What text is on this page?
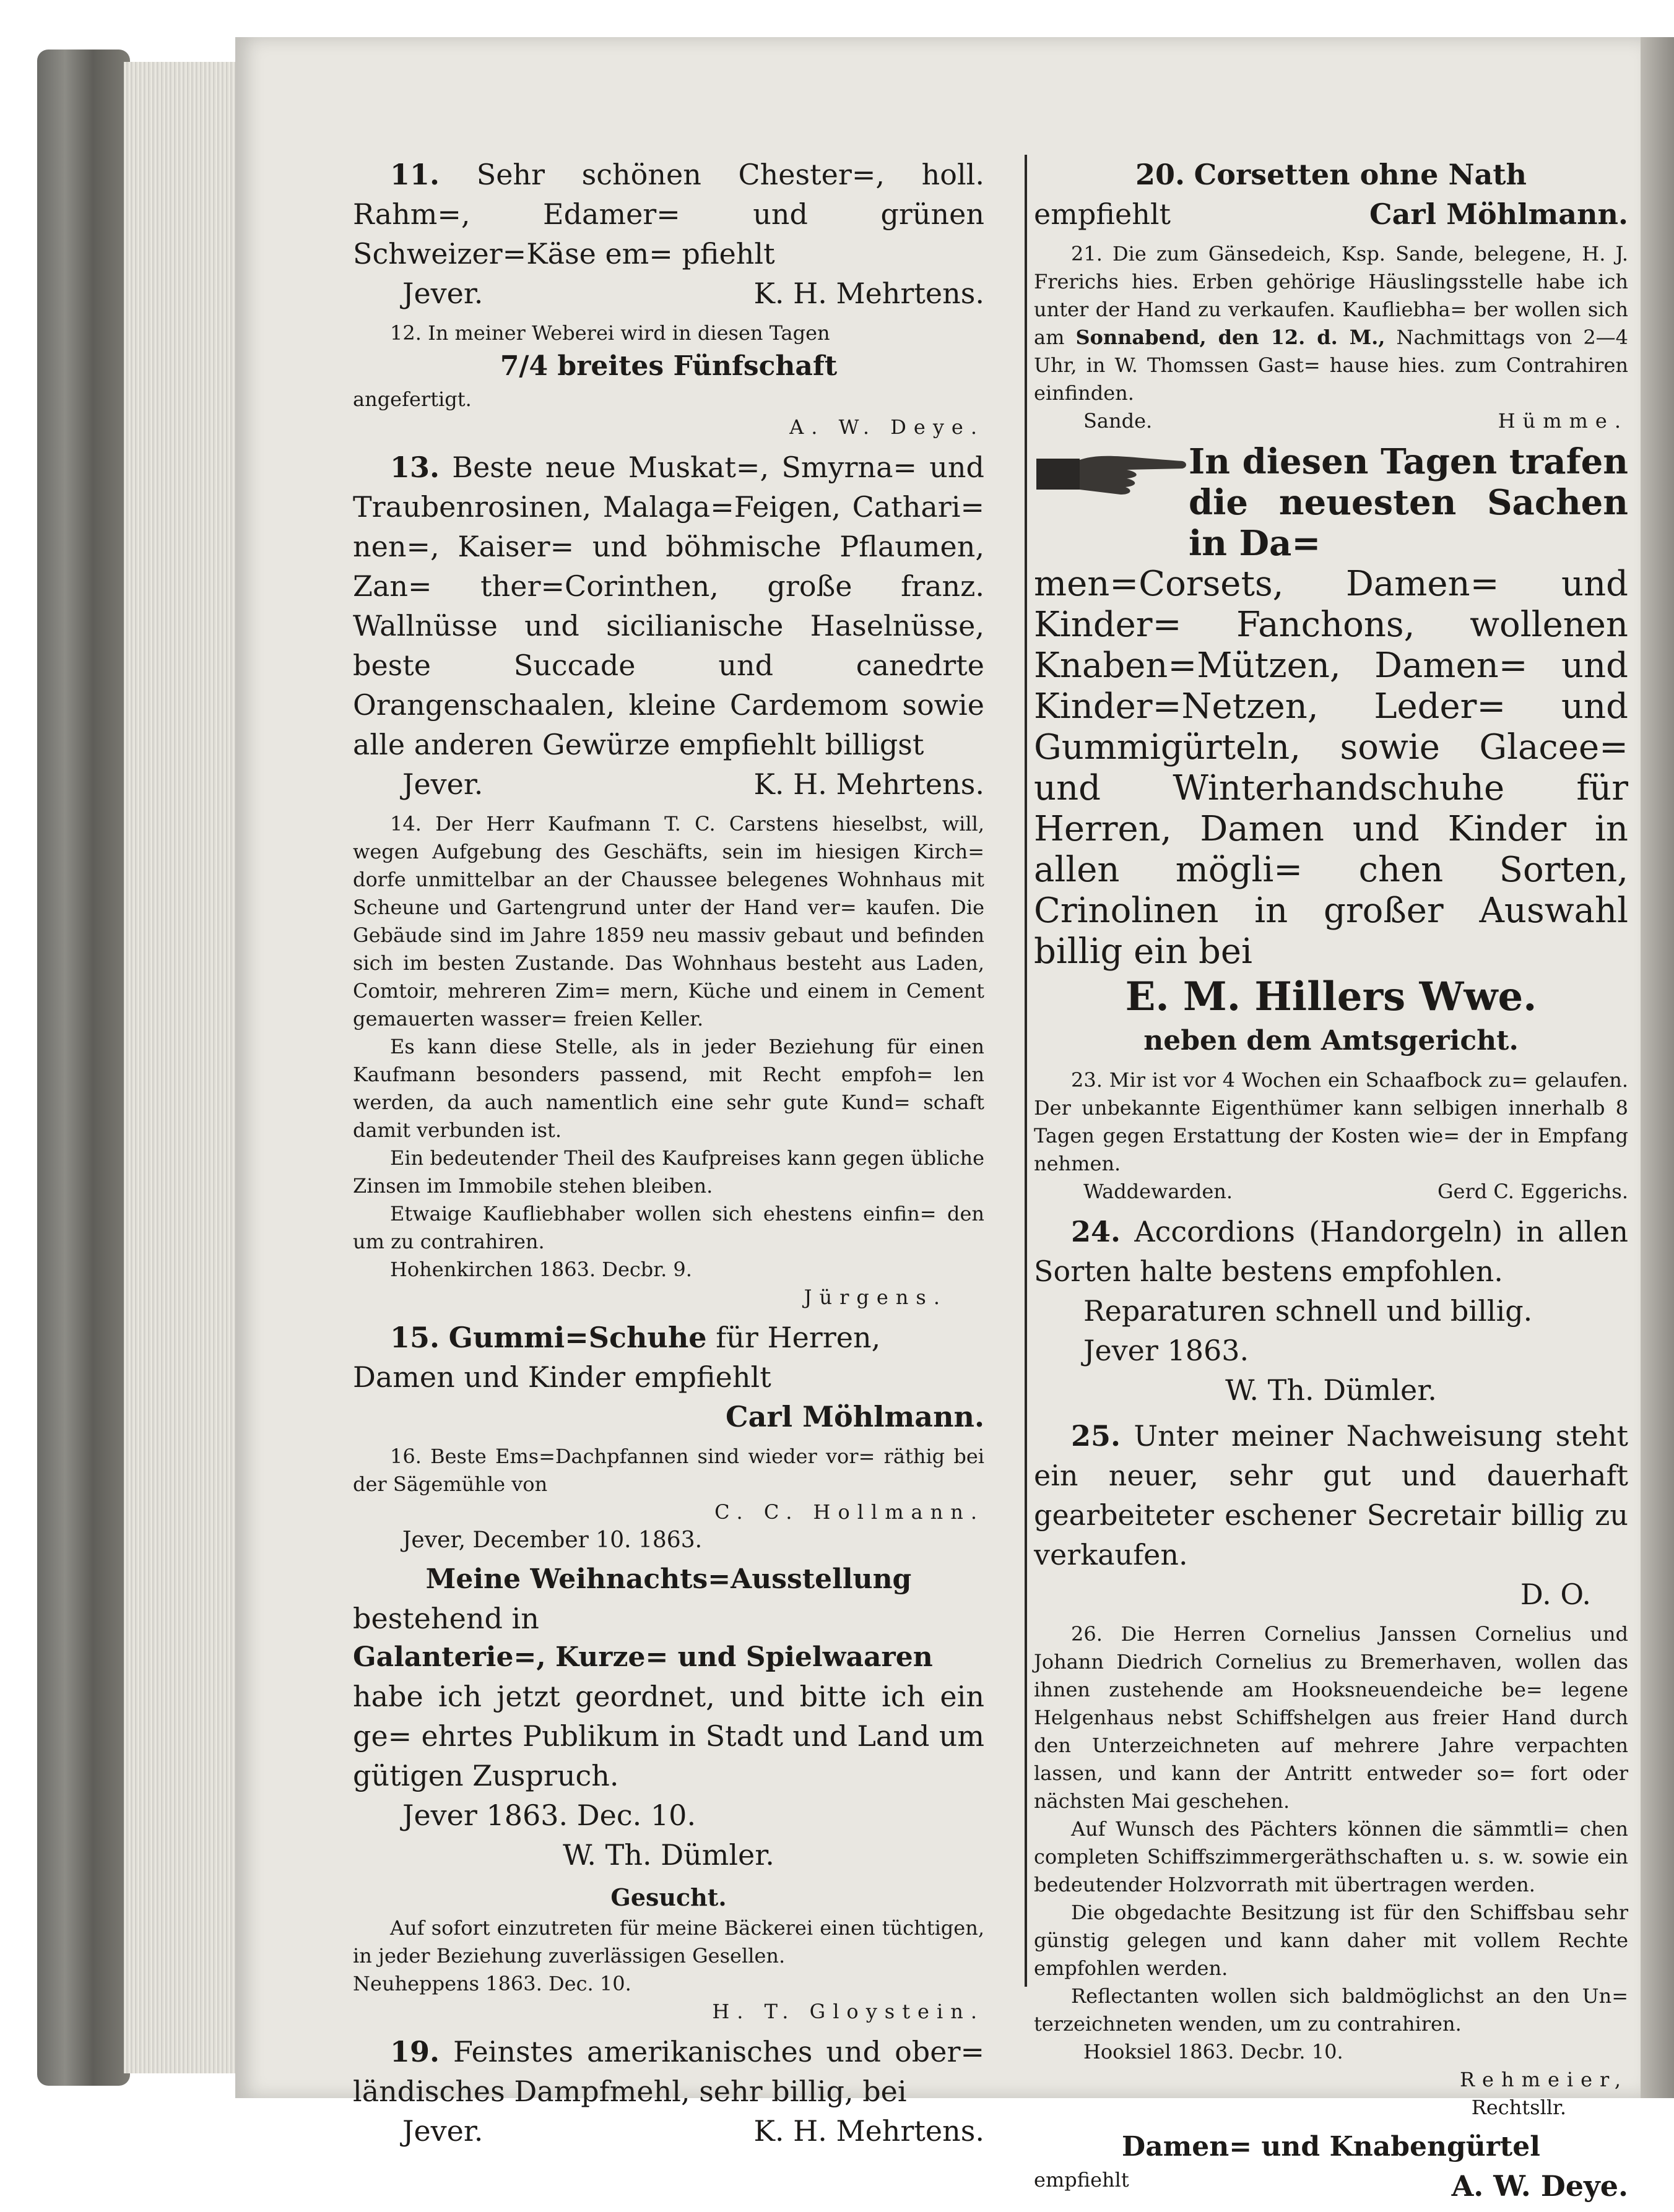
11. Sehr schönen Chester=, holl. Rahm=, Edamer= und grünen Schweizer=Käse em= pfiehlt
Jever.	K. H. Mehrtens.
12. In meiner Weberei wird in diesen Tagen
7/4 breites Fünfschaft
angefertigt.
A. W. Deye.
13. Beste neue Muskat=, Smyrna= und Traubenrosinen, Malaga=Feigen, Cathari= nen=, Kaiser= und böhmische Pflaumen, Zan= ther=Corinthen, große franz. Wallnüsse und sicilianische Haselnüsse, beste Succade und canedrte Orangenschaalen, kleine Cardemom sowie alle anderen Gewürze empfiehlt billigst
Jever.	K. H. Mehrtens.
14. Der Herr Kaufmann T. C. Carstens hieselbst, will, wegen Aufgebung des Geschäfts, sein im hiesigen Kirch= dorfe unmittelbar an der Chaussee belegenes Wohnhaus mit Scheune und Gartengrund unter der Hand ver= kaufen. Die Gebäude sind im Jahre 1859 neu massiv gebaut und befinden sich im besten Zustande. Das Wohnhaus besteht aus Laden, Comtoir, mehreren Zim= mern, Küche und einem in Cement gemauerten wasser= freien Keller.
Es kann diese Stelle, als in jeder Beziehung für einen Kaufmann besonders passend, mit Recht empfoh= len werden, da auch namentlich eine sehr gute Kund= schaft damit verbunden ist.
Ein bedeutender Theil des Kaufpreises kann gegen übliche Zinsen im Immobile stehen bleiben.
Etwaige Kaufliebhaber wollen sich ehestens einfin= den um zu contrahiren.
Hohenkirchen 1863. Decbr. 9.
Jürgens.
15. Gummi=Schuhe für Herren,
Damen und Kinder empfiehlt
Carl Möhlmann.
16. Beste Ems=Dachpfannen sind wieder vor= räthig bei der Sägemühle von
C. C. Hollmann.
Jever, December 10. 1863.
Meine Weihnachts=Ausstellung
bestehend in
Galanterie=, Kurze= und Spielwaaren
habe ich jetzt geordnet, und bitte ich ein ge= ehrtes Publikum in Stadt und Land um gütigen Zuspruch.
Jever 1863. Dec. 10.
W. Th. Dümler.
Gesucht.
Auf sofort einzutreten für meine Bäckerei einen tüchtigen, in jeder Beziehung zuverlässigen Gesellen.
Neuheppens 1863. Dec. 10.
H. T. Gloystein.
19. Feinstes amerikanisches und ober= ländisches Dampfmehl, sehr billig, bei
Jever.	K. H. Mehrtens.
20. Corsetten ohne Nath
empfiehlt	Carl Möhlmann.
21. Die zum Gänsedeich, Ksp. Sande, belegene, H. J. Frerichs hies. Erben gehörige Häuslingsstelle habe ich unter der Hand zu verkaufen. Kaufliebha= ber wollen sich am Sonnabend, den 12. d. M., Nachmittags von 2—4 Uhr, in W. Thomssen Gast= hause hies. zum Contrahiren einfinden.
Sande.	Hümme.
In diesen Tagen trafen die neuesten Sachen in Da=
men=Corsets, Damen= und Kinder= Fanchons, wollenen Knaben=Mützen, Damen= und Kinder=Netzen, Leder= und Gummigürteln, sowie Glacee= und Winterhandschuhe für Herren, Damen und Kinder in allen mögli= chen Sorten, Crinolinen in großer Auswahl billig ein bei
E. M. Hillers Wwe.
neben dem Amtsgericht.
23. Mir ist vor 4 Wochen ein Schaafbock zu= gelaufen. Der unbekannte Eigenthümer kann selbigen innerhalb 8 Tagen gegen Erstattung der Kosten wie= der in Empfang nehmen.
Waddewarden.	Gerd C. Eggerichs.
24. Accordions (Handorgeln) in allen Sorten halte bestens empfohlen.
Reparaturen schnell und billig.
Jever 1863.
W. Th. Dümler.
25. Unter meiner Nachweisung steht ein neuer, sehr gut und dauerhaft gearbeiteter eschener Secretair billig zu verkaufen.
D. O.
26. Die Herren Cornelius Janssen Cornelius und Johann Diedrich Cornelius zu Bremerhaven, wollen das ihnen zustehende am Hooksneuendeiche be= legene Helgenhaus nebst Schiffshelgen aus freier Hand durch den Unterzeichneten auf mehrere Jahre verpachten lassen, und kann der Antritt entweder so= fort oder nächsten Mai geschehen.
Auf Wunsch des Pächters können die sämmtli= chen completen Schiffszimmergeräthschaften u. s. w. sowie ein bedeutender Holzvorrath mit übertragen werden.
Die obgedachte Besitzung ist für den Schiffsbau sehr günstig gelegen und kann daher mit vollem Rechte empfohlen werden.
Reflectanten wollen sich baldmöglichst an den Un= terzeichneten wenden, um zu contrahiren.
Hooksiel 1863. Decbr. 10.
Rehmeier,
Rechtsllr.
Damen= und Knabengürtel
empfiehlt	A. W. Deye.
